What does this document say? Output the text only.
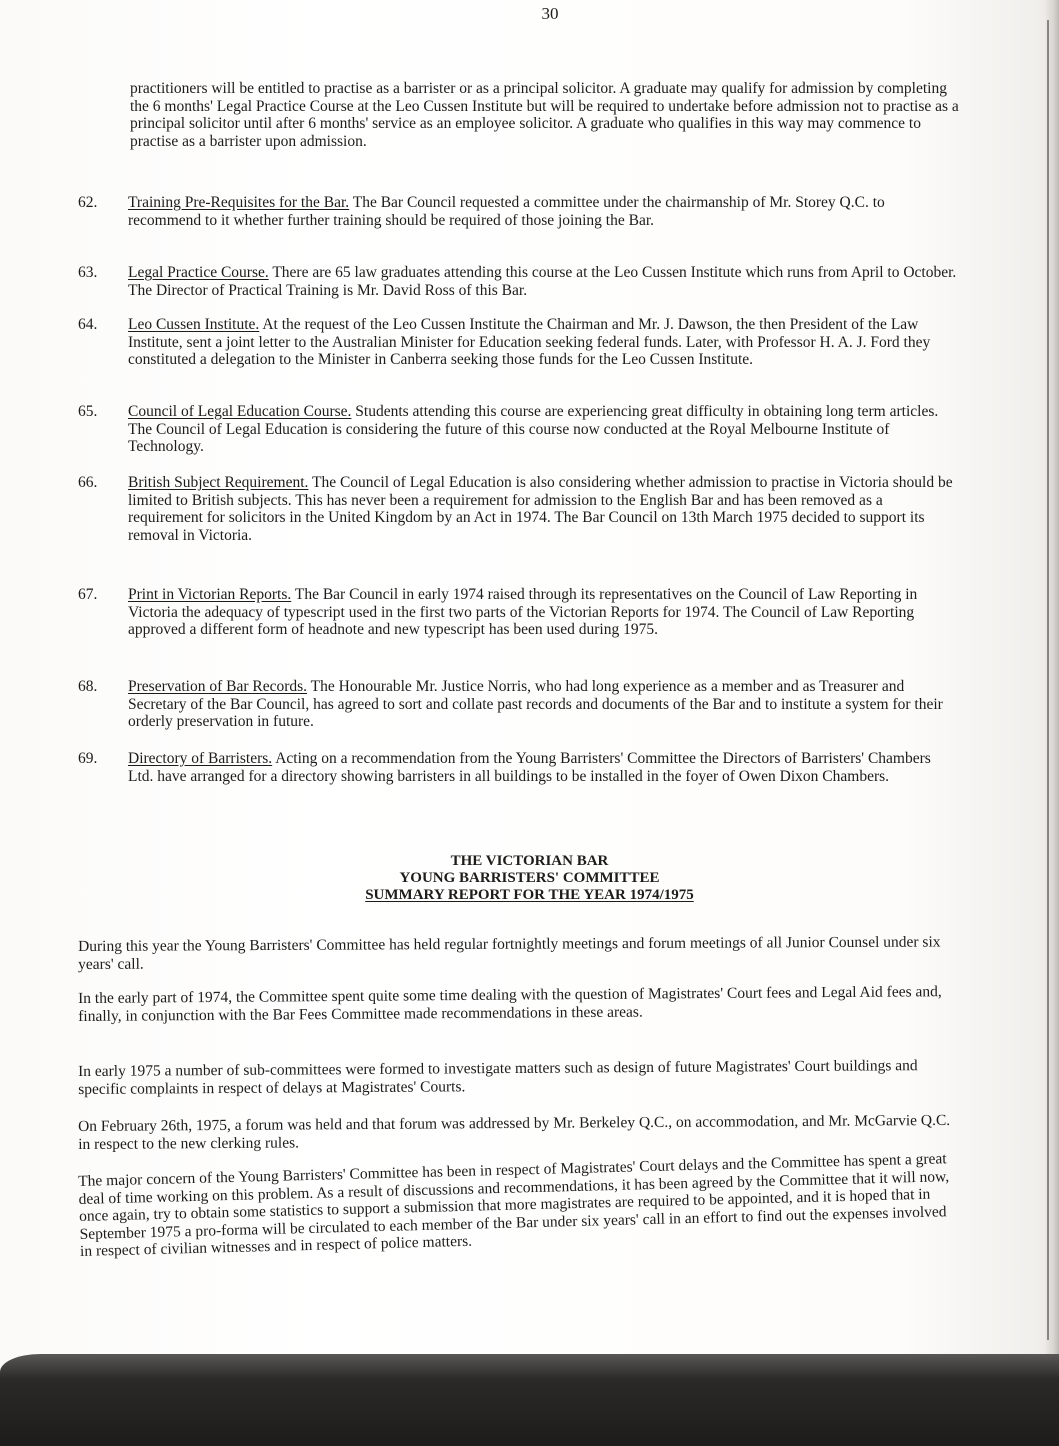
30
practitioners will be entitled to practise as a barrister or as a principal solicitor. A graduate may qualify for admission by completing the 6 months' Legal Practice Course at the Leo Cussen Institute but will be required to undertake before admission not to practise as a principal solicitor until after 6 months' service as an employee solicitor. A graduate who qualifies in this way may commence to practise as a barrister upon admission.
62.	Training Pre-Requisites for the Bar. The Bar Council requested a committee under the chairmanship of Mr. Storey Q.C. to recommend to it whether further training should be required of those joining the Bar.
63.	Legal Practice Course. There are 65 law graduates attending this course at the Leo Cussen Institute which runs from April to October. The Director of Practical Training is Mr. David Ross of this Bar.
64.	Leo Cussen Institute. At the request of the Leo Cussen Institute the Chairman and Mr. J. Dawson, the then President of the Law Institute, sent a joint letter to the Australian Minister for Education seeking federal funds. Later, with Professor H. A. J. Ford they constituted a delegation to the Minister in Canberra seeking those funds for the Leo Cussen Institute.
65.	Council of Legal Education Course. Students attending this course are experiencing great difficulty in obtaining long term articles. The Council of Legal Education is considering the future of this course now conducted at the Royal Melbourne Institute of Technology.
66.	British Subject Requirement. The Council of Legal Education is also considering whether admission to practise in Victoria should be limited to British subjects. This has never been a requirement for admission to the English Bar and has been removed as a requirement for solicitors in the United Kingdom by an Act in 1974. The Bar Council on 13th March 1975 decided to support its removal in Victoria.
67.	Print in Victorian Reports. The Bar Council in early 1974 raised through its representatives on the Council of Law Reporting in Victoria the adequacy of typescript used in the first two parts of the Victorian Reports for 1974. The Council of Law Reporting approved a different form of headnote and new typescript has been used during 1975.
68.	Preservation of Bar Records. The Honourable Mr. Justice Norris, who had long experience as a member and as Treasurer and Secretary of the Bar Council, has agreed to sort and collate past records and documents of the Bar and to institute a system for their orderly preservation in future.
69.	Directory of Barristers. Acting on a recommendation from the Young Barristers' Committee the Directors of Barristers' Chambers Ltd. have arranged for a directory showing barristers in all buildings to be installed in the foyer of Owen Dixon Chambers.
THE VICTORIAN BAR
YOUNG BARRISTERS' COMMITTEE
SUMMARY REPORT FOR THE YEAR 1974/1975
During this year the Young Barristers' Committee has held regular fortnightly meetings and forum meetings of all Junior Counsel under six years' call.
In the early part of 1974, the Committee spent quite some time dealing with the question of Magistrates' Court fees and Legal Aid fees and, finally, in conjunction with the Bar Fees Committee made recommendations in these areas.
In early 1975 a number of sub-committees were formed to investigate matters such as design of future Magistrates' Court buildings and specific complaints in respect of delays at Magistrates' Courts.
On February 26th, 1975, a forum was held and that forum was addressed by Mr. Berkeley Q.C., on accommodation, and Mr. McGarvie Q.C. in respect to the new clerking rules.
The major concern of the Young Barristers' Committee has been in respect of Magistrates' Court delays and the Committee has spent a great deal of time working on this problem. As a result of discussions and recommendations, it has been agreed by the Committee that it will now, once again, try to obtain some statistics to support a submission that more magistrates are required to be appointed, and it is hoped that in September 1975 a pro-forma will be circulated to each member of the Bar under six years' call in an effort to find out the expenses involved in respect of civilian witnesses and in respect of police matters.
